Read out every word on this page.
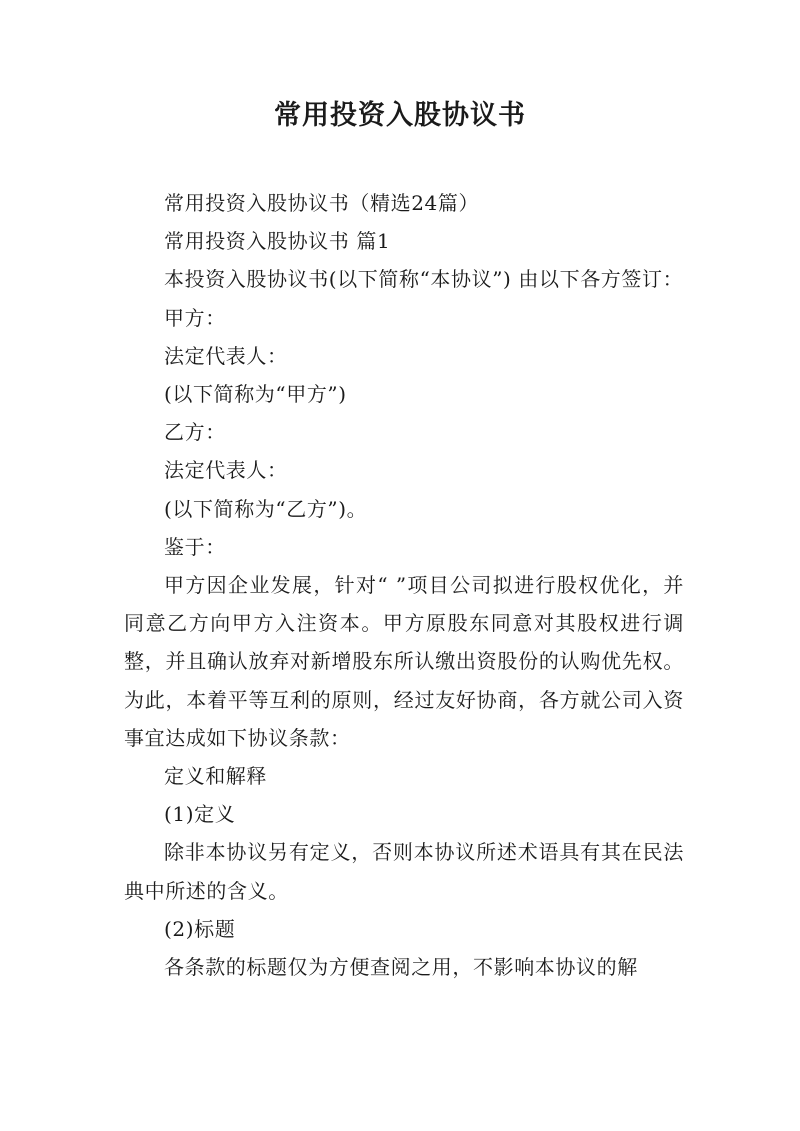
常用投资入股协议书

常用投资入股协议书（精选24篇）

常用投资入股协议书 篇1

本投资入股协议书(以下简称“本协议”) 由以下各方签订：

甲方：

法定代表人：

(以下简称为“甲方”)

乙方：

法定代表人：

(以下简称为“乙方”)。

鉴于：

甲方因企业发展，针对“ ”项目公司拟进行股权优化，并同意乙方向甲方入注资本。甲方原股东同意对其股权进行调整，并且确认放弃对新增股东所认缴出资股份的认购优先权。为此，本着平等互利的原则，经过友好协商，各方就公司入资事宜达成如下协议条款：

定义和解释

(1)定义

除非本协议另有定义，否则本协议所述术语具有其在民法典中所述的含义。

(2)标题

各条款的标题仅为方便查阅之用，不影响本协议的解
